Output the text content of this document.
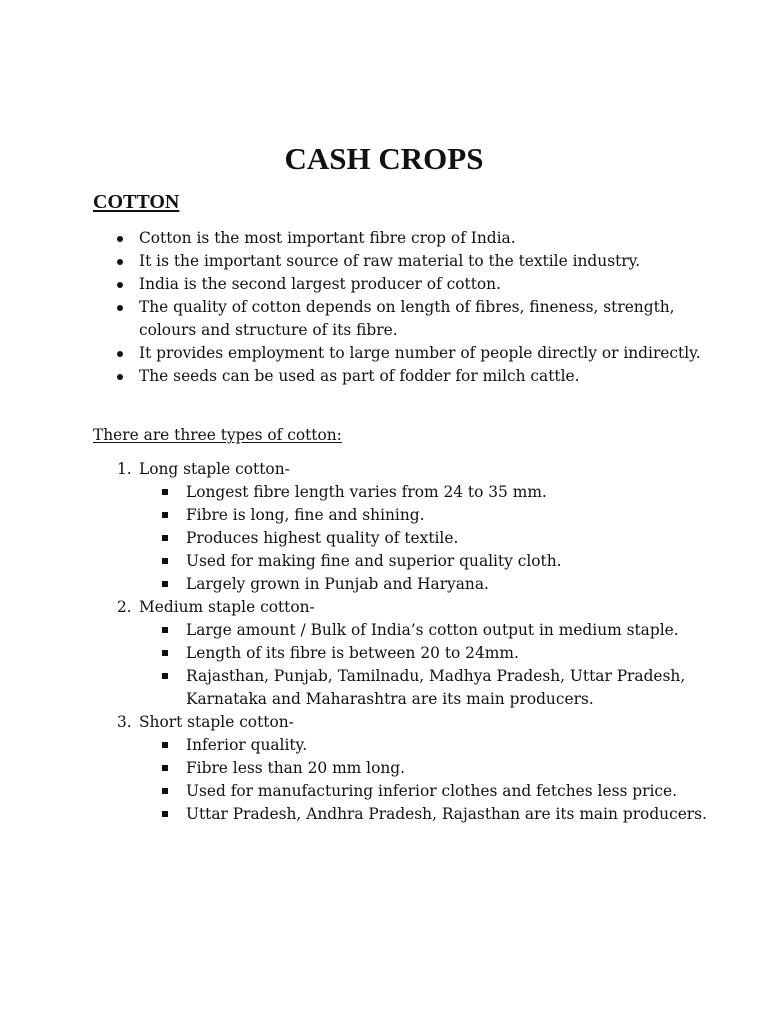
CASH CROPS
COTTON
Cotton is the most important fibre crop of India.
It is the important source of raw material to the textile industry.
India is the second largest producer of cotton.
The quality of cotton depends on length of fibres, fineness, strength, colours and structure of its fibre.
It provides employment to large number of people directly or indirectly.
The seeds can be used as part of fodder for milch cattle.

There are three types of cotton:

1. Long staple cotton-
Longest fibre length varies from 24 to 35 mm.
Fibre is long, fine and shining.
Produces highest quality of textile.
Used for making fine and superior quality cloth.
Largely grown in Punjab and Haryana.
2. Medium staple cotton-
Large amount / Bulk of India’s cotton output in medium staple.
Length of its fibre is between 20 to 24mm.
Rajasthan, Punjab, Tamilnadu, Madhya Pradesh, Uttar Pradesh, Karnataka and Maharashtra are its main producers.
3. Short staple cotton-
Inferior quality.
Fibre less than 20 mm long.
Used for manufacturing inferior clothes and fetches less price.
Uttar Pradesh, Andhra Pradesh, Rajasthan are its main producers.
